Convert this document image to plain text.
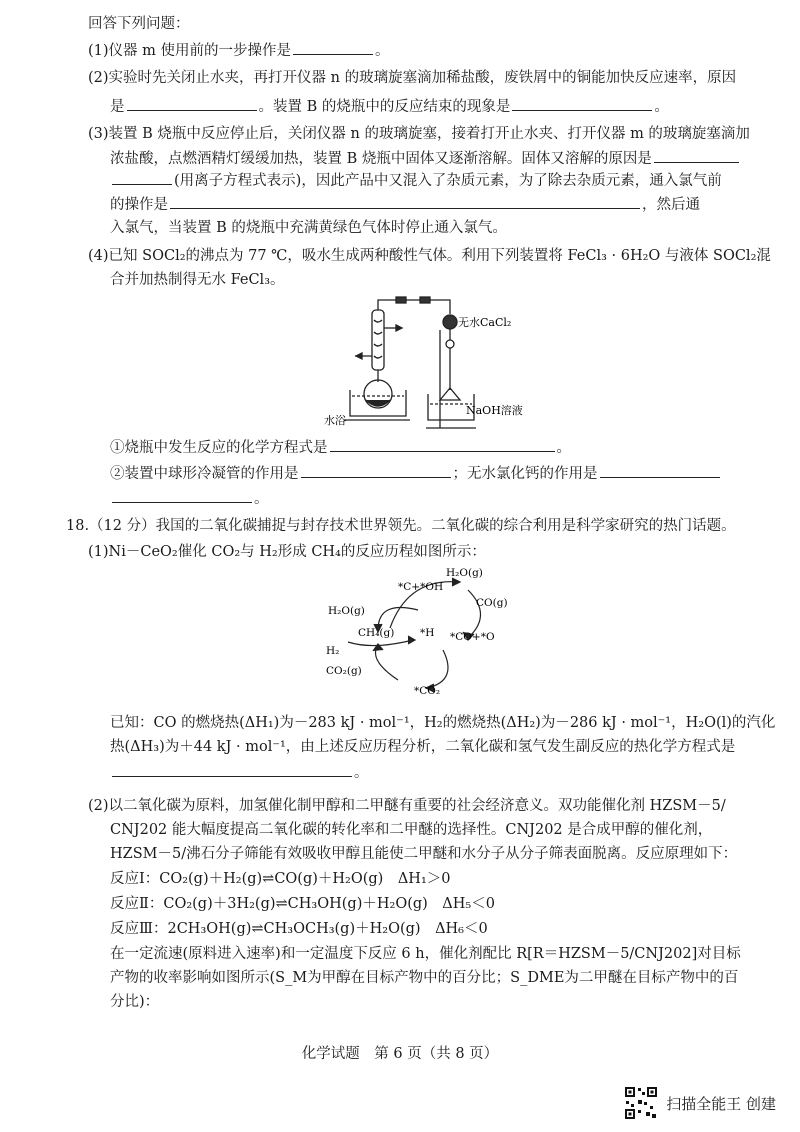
回答下列问题：
(1)仪器 m 使用前的一步操作是	。
(2)实验时先关闭止水夹，再打开仪器 n 的玻璃旋塞滴加稀盐酸，废铁屑中的铜能加快反应速率，原因
是	。装置 B 的烧瓶中的反应结束的现象是	。
(3)装置 B 烧瓶中反应停止后，关闭仪器 n 的玻璃旋塞，接着打开止水夹、打开仪器 m 的玻璃旋塞滴加
浓盐酸，点燃酒精灯缓缓加热，装置 B 烧瓶中固体又逐渐溶解。固体又溶解的原因是
(用离子方程式表示)，因此产品中又混入了杂质元素，为了除去杂质元素，通入氯气前
的操作是	，然后通
入氯气，当装置 B 的烧瓶中充满黄绿色气体时停止通入氯气。
(4)已知 SOCl₂的沸点为 77 ℃，吸水生成两种酸性气体。利用下列装置将 FeCl₃ · 6H₂O 与液体 SOCl₂混
合并加热制得无水 FeCl₃。
无水CaCl₂
水浴
NaOH溶液
①烧瓶中发生反应的化学方程式是	。
②装置中球形冷凝管的作用是	；无水氯化钙的作用是
。
18.（12 分）我国的二氧化碳捕捉与封存技术世界领先。二氧化碳的综合利用是科学家研究的热门话题。
(1)Ni－CeO₂催化 CO₂与 H₂形成 CH₄的反应历程如图所示：
*C+*OH
H₂O(g)
CO(g)
H₂O(g)
CH₄(g) *H *CO+*O
H₂
CO₂(g)
*CO₂
已知：CO 的燃烧热(ΔH₁)为－283 kJ · mol⁻¹，H₂的燃烧热(ΔH₂)为－286 kJ · mol⁻¹，H₂O(l)的汽化
热(ΔH₃)为＋44 kJ · mol⁻¹，由上述反应历程分析，二氧化碳和氢气发生副反应的热化学方程式是
。
(2)以二氧化碳为原料，加氢催化制甲醇和二甲醚有重要的社会经济意义。双功能催化剂 HZSM－5/
CNJ202 能大幅度提高二氧化碳的转化率和二甲醚的选择性。CNJ202 是合成甲醇的催化剂，
HZSM－5/沸石分子筛能有效吸收甲醇且能使二甲醚和水分子从分子筛表面脱离。反应原理如下：
反应Ⅰ：CO₂(g)＋H₂(g)⇌CO(g)＋H₂O(g)　ΔH₁＞0
反应Ⅱ：CO₂(g)＋3H₂(g)⇌CH₃OH(g)＋H₂O(g)　ΔH₅＜0
反应Ⅲ：2CH₃OH(g)⇌CH₃OCH₃(g)＋H₂O(g)　ΔH₆＜0
在一定流速(原料进入速率)和一定温度下反应 6 h，催化剂配比 R[R＝HZSM－5/CNJ202]对目标
产物的收率影响如图所示(S_M为甲醇在目标产物中的百分比；S_DME为二甲醚在目标产物中的百
分比)：
化学试题　第 6 页（共 8 页）
扫描全能王 创建
